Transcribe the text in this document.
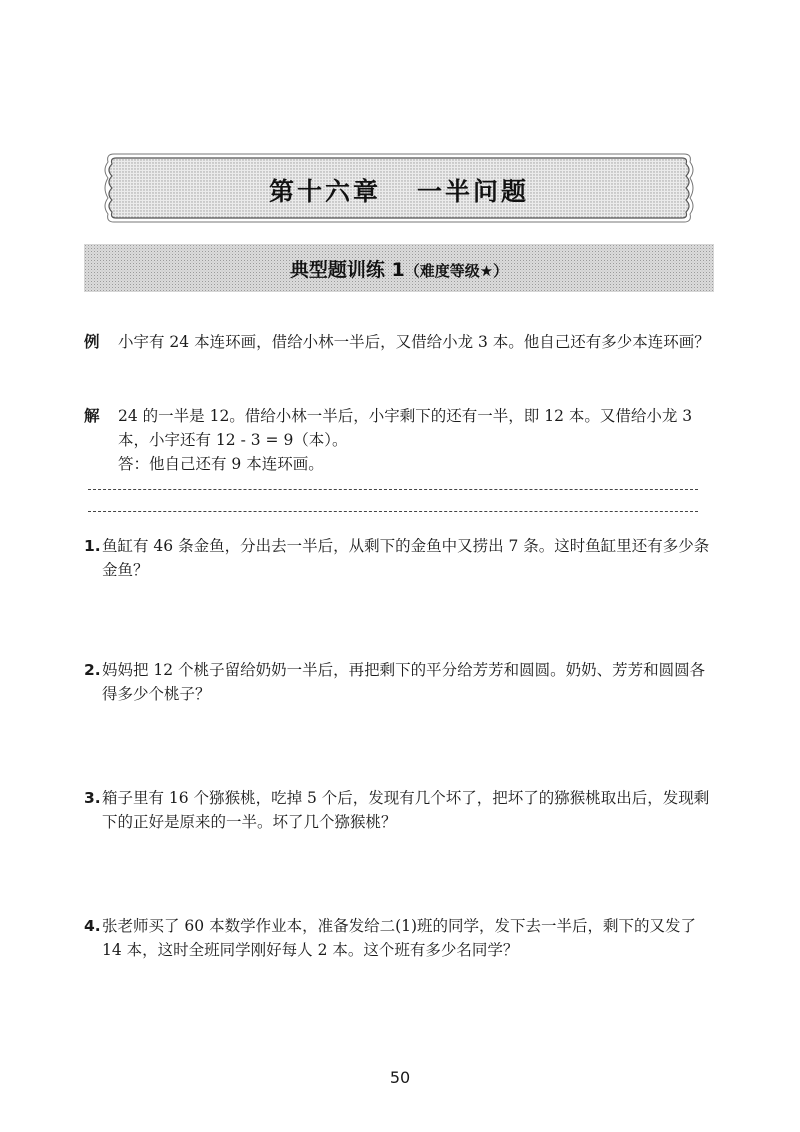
第十六章 一半问题
典型题训练 1（难度等级★）
例 小宇有 24 本连环画，借给小林一半后，又借给小龙 3 本。他自己还有多少本连环画？
解 24 的一半是 12。借给小林一半后，小宇剩下的还有一半，即 12 本。又借给小龙 3 本，小宇还有 12 - 3 = 9（本）。
答：他自己还有 9 本连环画。
1. 鱼缸有 46 条金鱼，分出去一半后，从剩下的金鱼中又捞出 7 条。这时鱼缸里还有多少条金鱼？
2. 妈妈把 12 个桃子留给奶奶一半后，再把剩下的平分给芳芳和圆圆。奶奶、芳芳和圆圆各得多少个桃子？
3. 箱子里有 16 个猕猴桃，吃掉 5 个后，发现有几个坏了，把坏了的猕猴桃取出后，发现剩下的正好是原来的一半。坏了几个猕猴桃？
4. 张老师买了 60 本数学作业本，准备发给二(1)班的同学，发下去一半后，剩下的又发了 14 本，这时全班同学刚好每人 2 本。这个班有多少名同学？
50
